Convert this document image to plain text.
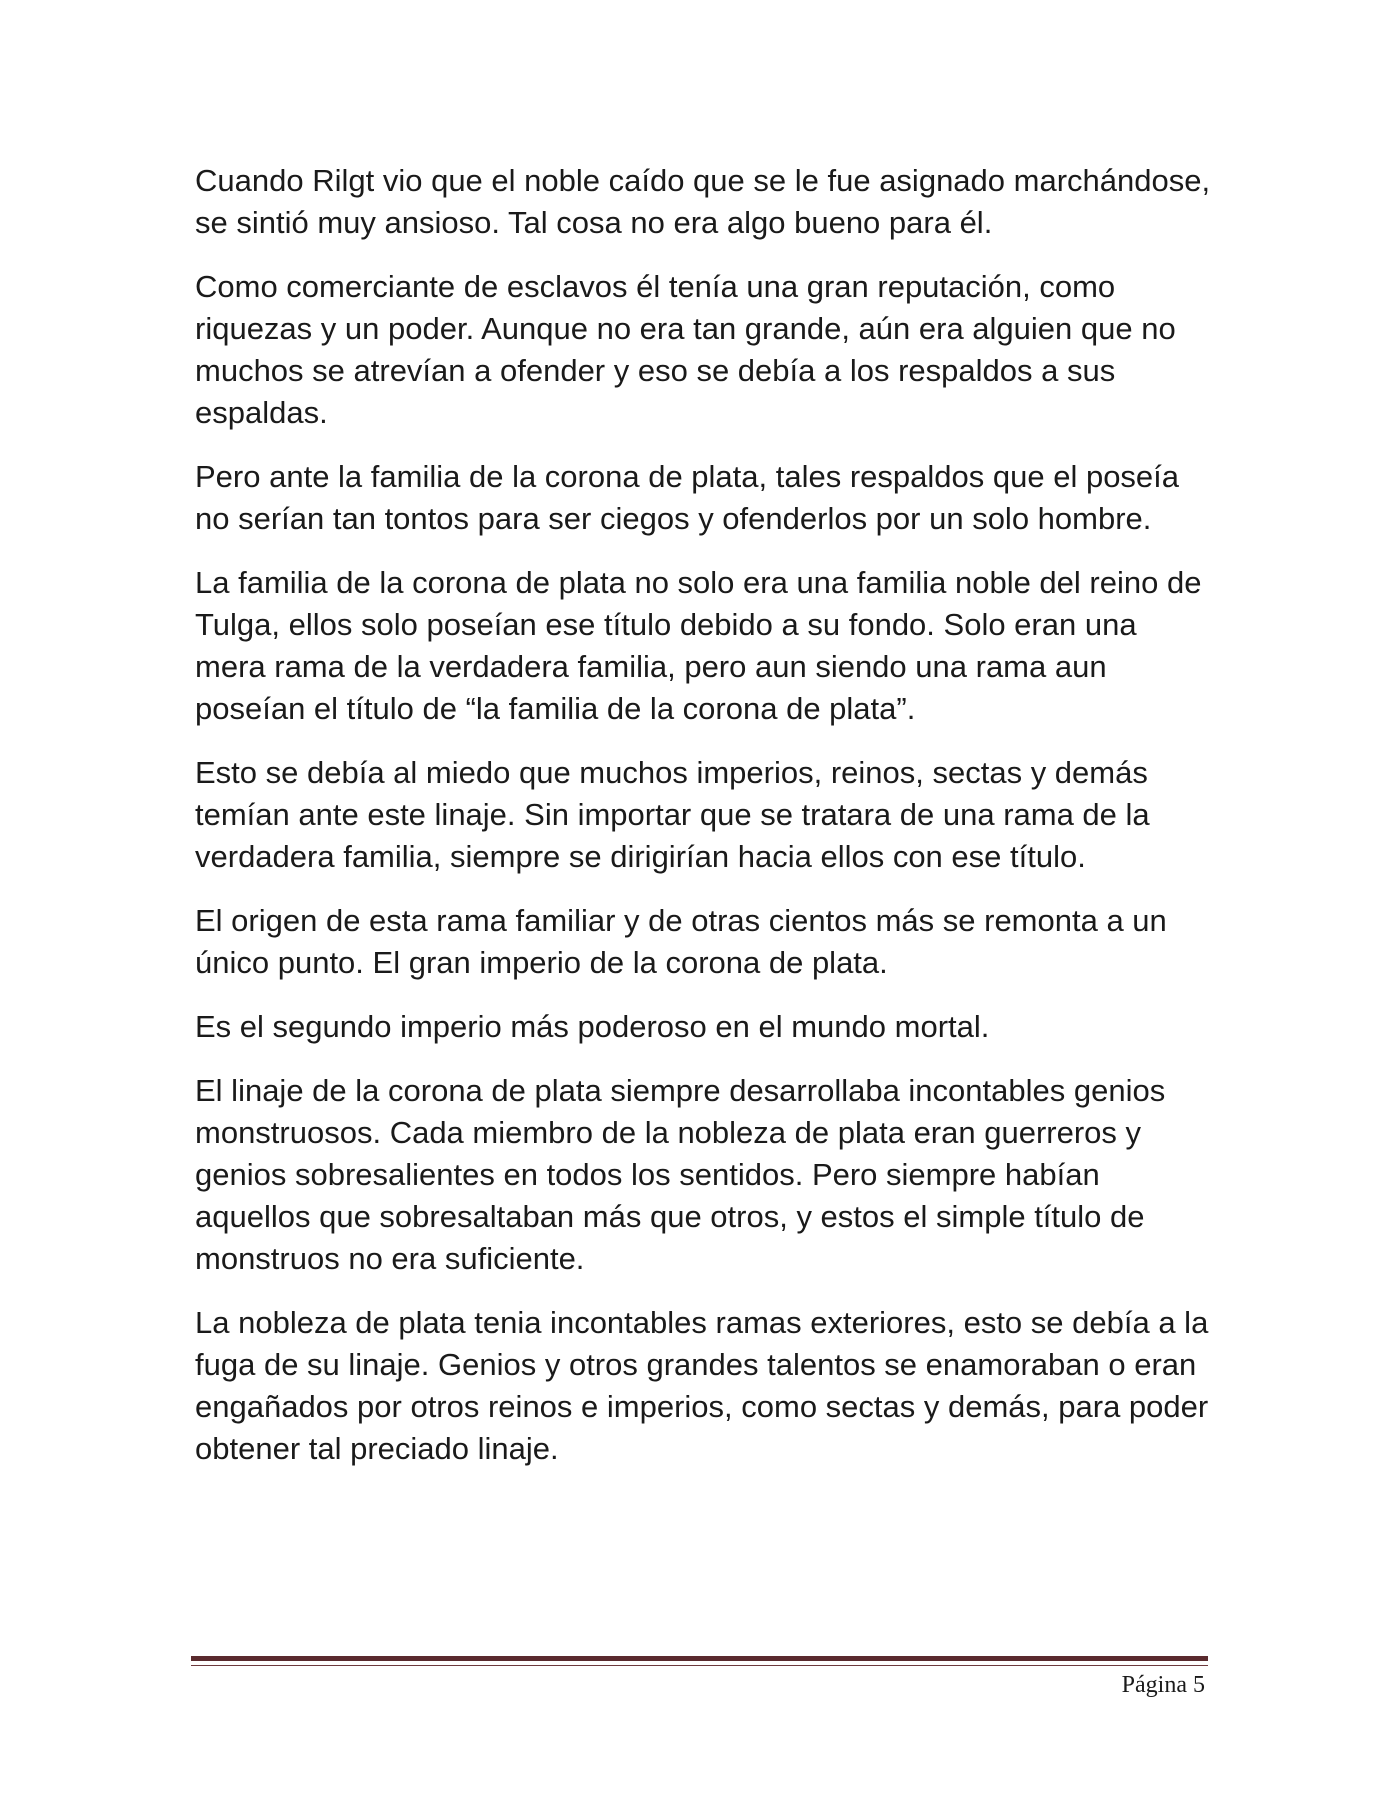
Cuando Rilgt vio que el noble caído que se le fue asignado marchándose, se sintió muy ansioso. Tal cosa no era algo bueno para él.

Como comerciante de esclavos él tenía una gran reputación, como riquezas y un poder. Aunque no era tan grande, aún era alguien que no muchos se atrevían a ofender y eso se debía a los respaldos a sus espaldas.

Pero ante la familia de la corona de plata, tales respaldos que el poseía no serían tan tontos para ser ciegos y ofenderlos por un solo hombre.

La familia de la corona de plata no solo era una familia noble del reino de Tulga, ellos solo poseían ese título debido a su fondo. Solo eran una mera rama de la verdadera familia, pero aun siendo una rama aun poseían el título de “la familia de la corona de plata”.

Esto se debía al miedo que muchos imperios, reinos, sectas y demás temían ante este linaje. Sin importar que se tratara de una rama de la verdadera familia, siempre se dirigirían hacia ellos con ese título.

El origen de esta rama familiar y de otras cientos más se remonta a un único punto. El gran imperio de la corona de plata.

Es el segundo imperio más poderoso en el mundo mortal.

El linaje de la corona de plata siempre desarrollaba incontables genios monstruosos. Cada miembro de la nobleza de plata eran guerreros y genios sobresalientes en todos los sentidos. Pero siempre habían aquellos que sobresaltaban más que otros, y estos el simple título de monstruos no era suficiente.

La nobleza de plata tenia incontables ramas exteriores, esto se debía a la fuga de su linaje. Genios y otros grandes talentos se enamoraban o eran engañados por otros reinos e imperios, como sectas y demás, para poder obtener tal preciado linaje.

Página 5
